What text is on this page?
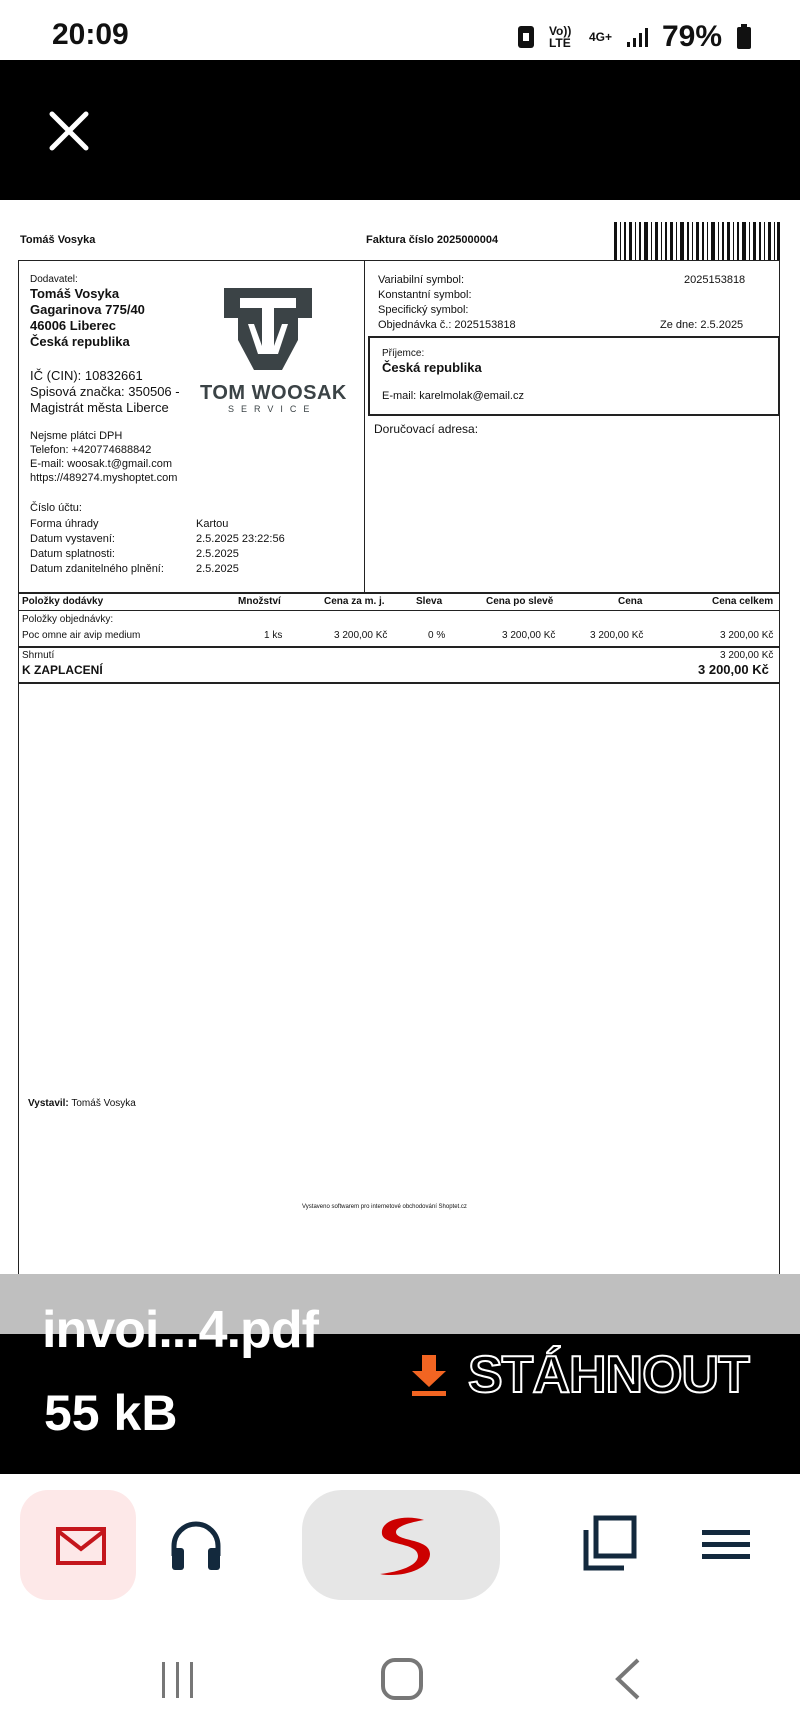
20:09	Vo)) LTE	4G+ 79%
Tomáš Vosyka	Faktura číslo 2025000004
Dodavatel:
Tomáš Vosyka
Gagarinova 775/40
46006 Liberec
Česká republika
IČ (CIN): 10832661
Spisová značka: 350506 -
Magistrát města Liberce
Nejsme plátci DPH
Telefon: +420774688842
E-mail: woosak.t@gmail.com
https://489274.myshoptet.com
TOM WOOSAK
SERVICE
Číslo účtu:
Forma úhrady	Kartou
Datum vystavení:	2.5.2025 23:22:56
Datum splatnosti:	2.5.2025
Datum zdanitelného plnění:	2.5.2025
Variabilní symbol:	2025153818
Konstantní symbol:
Specifický symbol:
Objednávka č.: 2025153818	Ze dne: 2.5.2025
Příjemce:
Česká republika
E-mail: karelmolak@email.cz
Doručovací adresa:
Položky dodávky	Množství	Cena za m. j.	Sleva	Cena po slevě	Cena	Cena celkem
Položky objednávky:
Poc omne air avip medium	1 ks	3 200,00 Kč	0 %	3 200,00 Kč	3 200,00 Kč	3 200,00 Kč
Shrnutí	3 200,00 Kč
K ZAPLACENÍ	3 200,00 Kč
Vystavil: Tomáš Vosyka
Vystaveno softwarem pro internetové obchodování Shoptet.cz
invoi...4.pdf
55 kB
STÁHNOUT
